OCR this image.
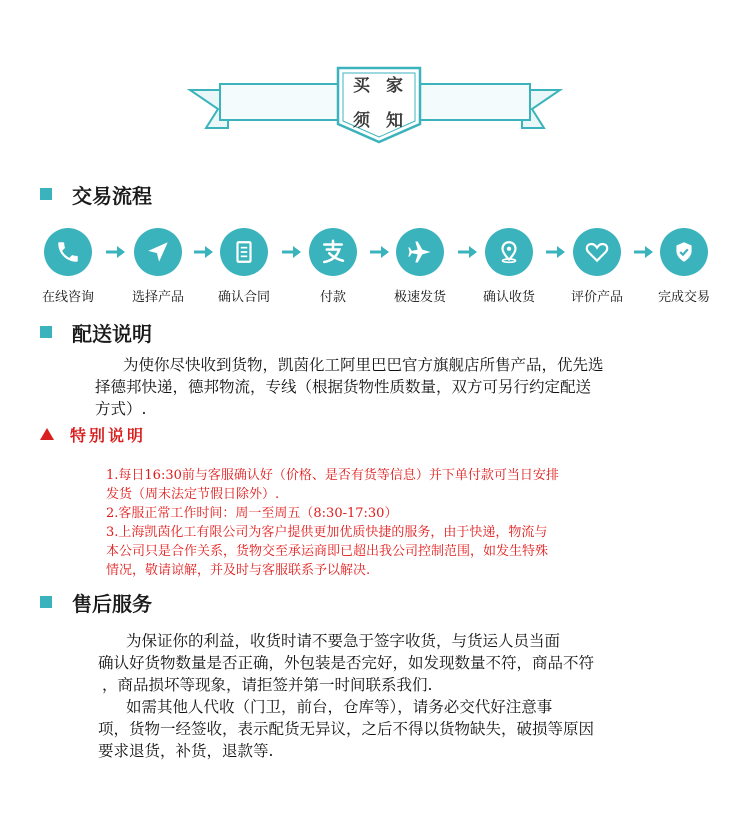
买 家
须 知
交易流程
在线咨询	选择产品	确认合同	付款	极速发货	确认收货	评价产品	完成交易
配送说明
为使你尽快收到货物，凯茵化工阿里巴巴官方旗舰店所售产品，优先选
择德邦快递，德邦物流，专线（根据货物性质数量，双方可另行约定配送
方式）.
特别说明
1.每日16:30前与客服确认好（价格、是否有货等信息）并下单付款可当日安排
发货（周末法定节假日除外）.
2.客服正常工作时间：周一至周五（8:30-17:30）
3.上海凯茵化工有限公司为客户提供更加优质快捷的服务，由于快递，物流与
本公司只是合作关系，货物交至承运商即已超出我公司控制范围，如发生特殊
情况，敬请谅解，并及时与客服联系予以解决.
售后服务
为保证你的利益，收货时请不要急于签字收货，与货运人员当面
确认好货物数量是否正确，外包装是否完好，如发现数量不符，商品不符
，商品损坏等现象，请拒签并第一时间联系我们.
如需其他人代收（门卫，前台，仓库等），请务必交代好注意事
项，货物一经签收，表示配货无异议，之后不得以货物缺失，破损等原因
要求退货，补货，退款等.
